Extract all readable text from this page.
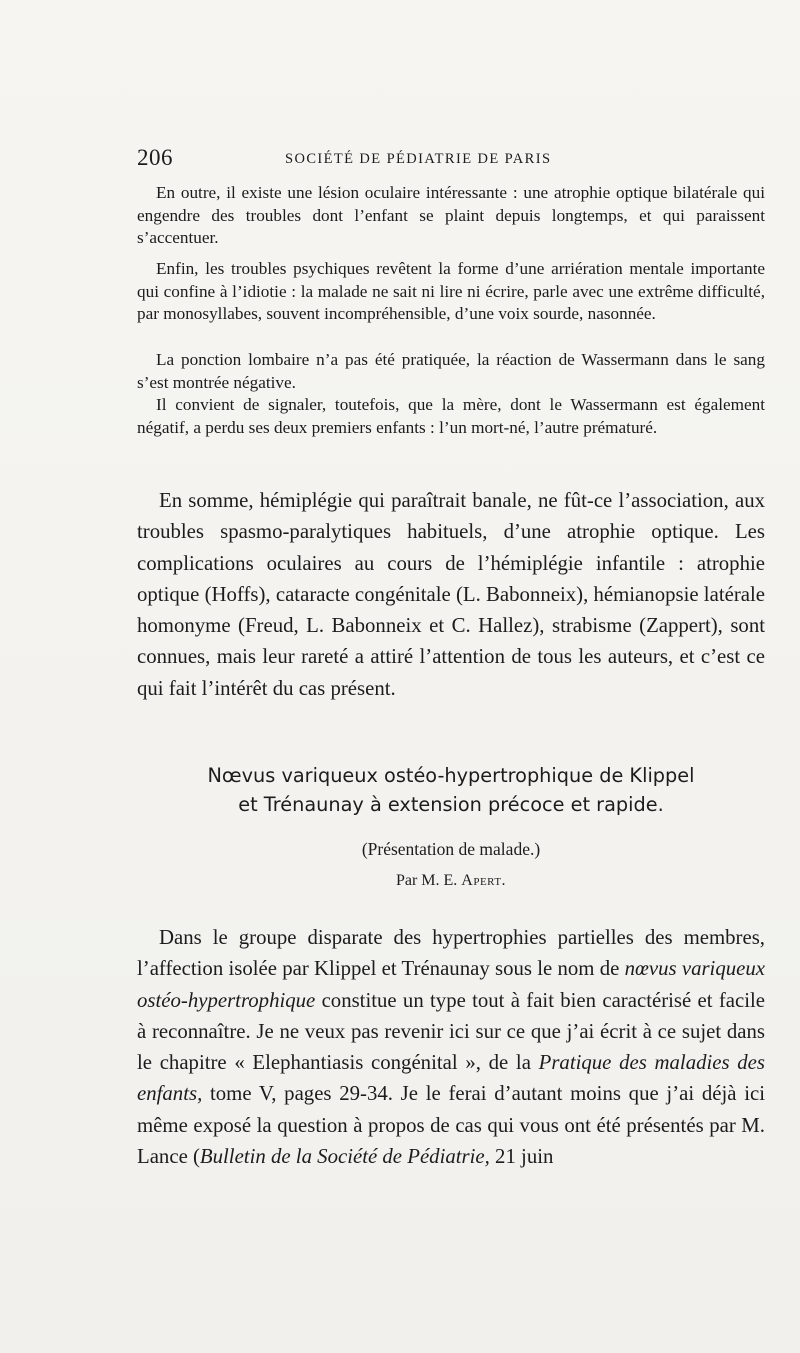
206	SOCIÉTÉ DE PÉDIATRIE DE PARIS

En outre, il existe une lésion oculaire intéressante : une atrophie optique bilatérale qui engendre des troubles dont l’enfant se plaint depuis longtemps, et qui paraissent s’accentuer.

Enfin, les troubles psychiques revêtent la forme d’une arriération mentale importante qui confine à l’idiotie : la malade ne sait ni lire ni écrire, parle avec une extrême difficulté, par monosyllabes, souvent incompréhensible, d’une voix sourde, nasonnée.

La ponction lombaire n’a pas été pratiquée, la réaction de Wassermann dans le sang s’est montrée négative.

Il convient de signaler, toutefois, que la mère, dont le Wassermann est également négatif, a perdu ses deux premiers enfants : l’un mort-né, l’autre prématuré.

En somme, hémiplégie qui paraîtrait banale, ne fût-ce l’association, aux troubles spasmo-paralytiques habituels, d’une atrophie optique. Les complications oculaires au cours de l’hémiplégie infantile : atrophie optique (Hoffs), cataracte congénitale (L. Babonneix), hémianopsie latérale homonyme (Freud, L. Babonneix et C. Hallez), strabisme (Zappert), sont connues, mais leur rareté a attiré l’attention de tous les auteurs, et c’est ce qui fait l’intérêt du cas présent.

Nœvus variqueux ostéo-hypertrophique de Klippel

et Trénaunay à extension précoce et rapide.

(Présentation de malade.)

Par M. E. Apert.

Dans le groupe disparate des hypertrophies partielles des membres, l’affection isolée par Klippel et Trénaunay sous le nom de nœvus variqueux ostéo-hypertrophique constitue un type tout à fait bien caractérisé et facile à reconnaître. Je ne veux pas revenir ici sur ce que j’ai écrit à ce sujet dans le chapitre « Elephantiasis congénital », de la Pratique des maladies des enfants, tome V, pages 29-34. Je le ferai d’autant moins que j’ai déjà ici même exposé la question à propos de cas qui vous ont été présentés par M. Lance (Bulletin de la Société de Pédiatrie, 21 juin
